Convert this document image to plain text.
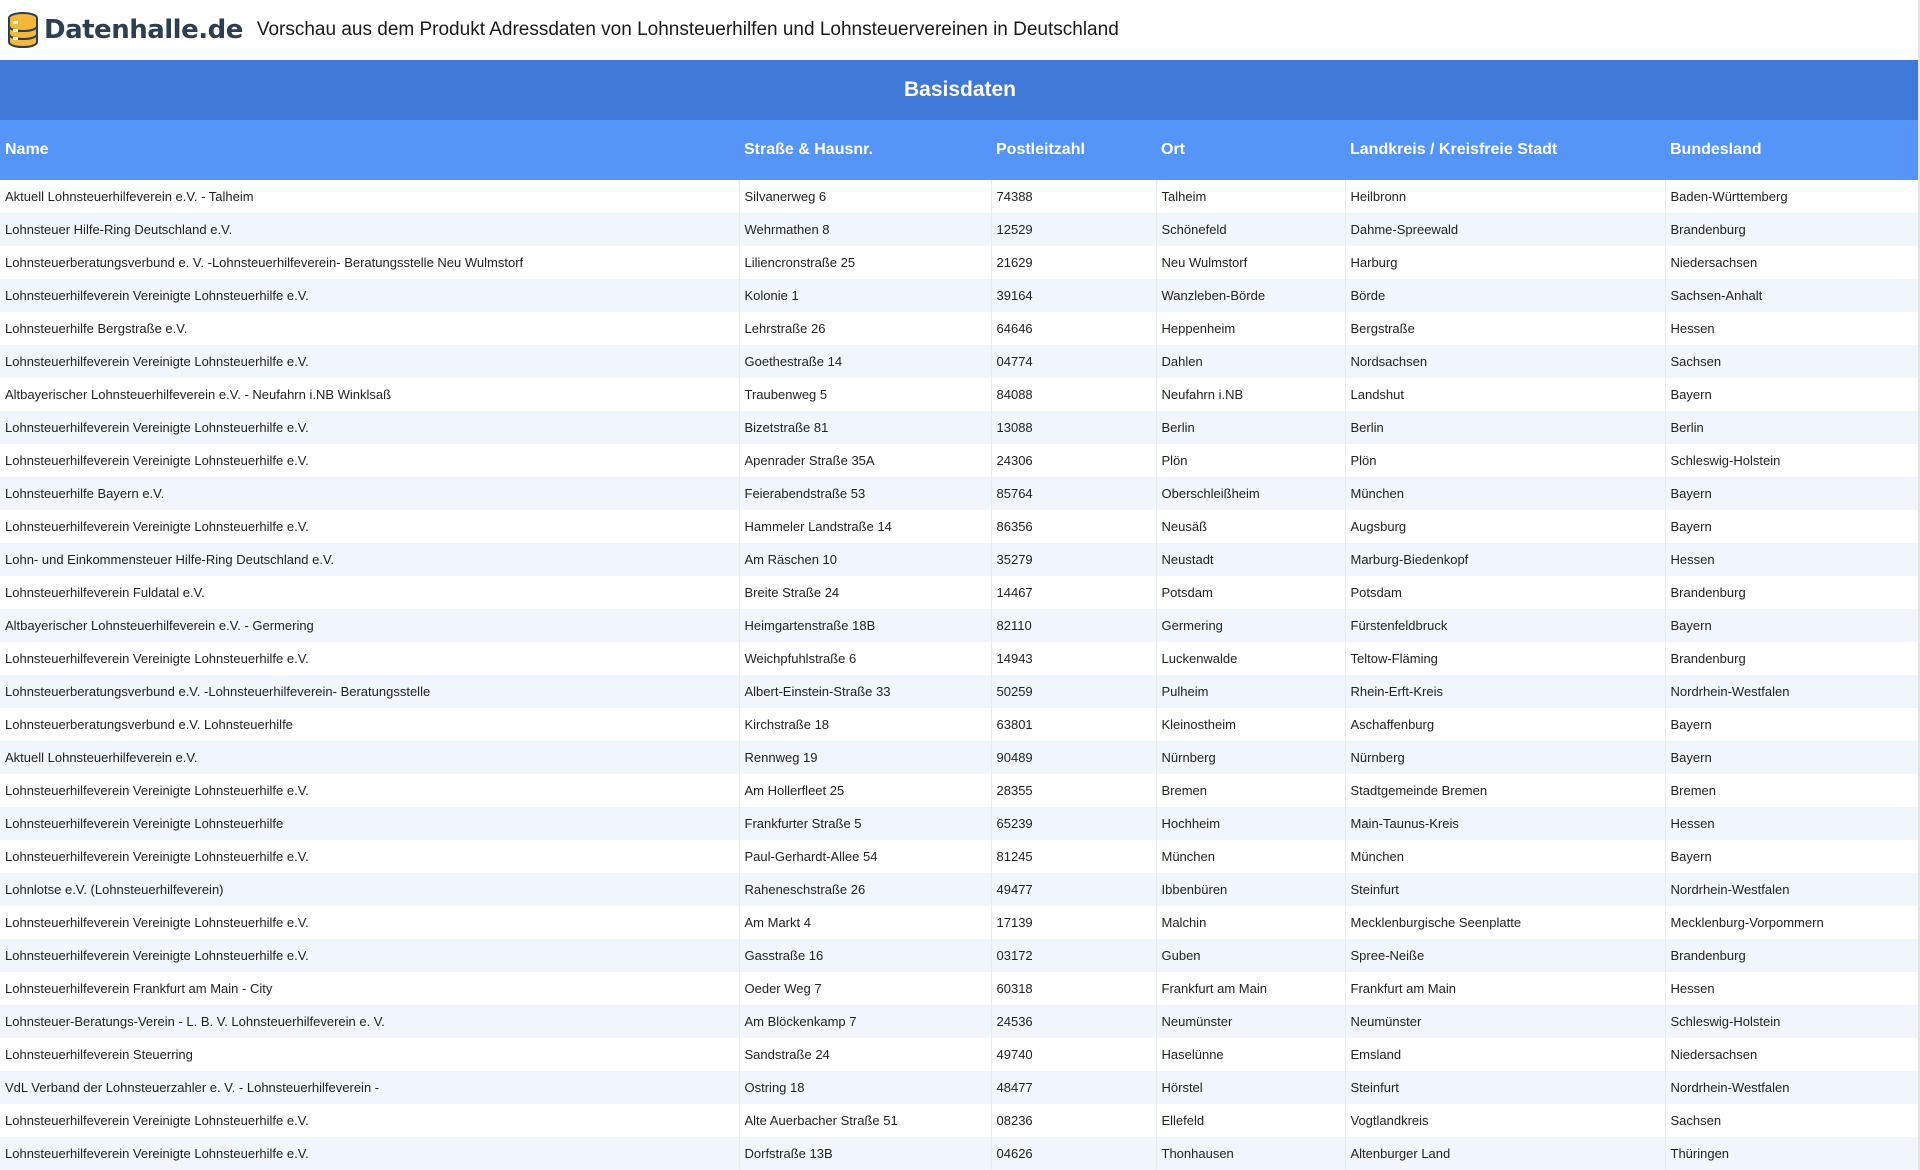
Datenhalle.de Vorschau aus dem Produkt Adressdaten von Lohnsteuerhilfen und Lohnsteuervereinen in Deutschland
Basisdaten
Name	Straße & Hausnr.	Postleitzahl	Ort	Landkreis / Kreisfreie Stadt	Bundesland
Aktuell Lohnsteuerhilfeverein e.V. - Talheim	Silvanerweg 6	74388	Talheim	Heilbronn	Baden-Württemberg
Lohnsteuer Hilfe-Ring Deutschland e.V.	Wehrmathen 8	12529	Schönefeld	Dahme-Spreewald	Brandenburg
Lohnsteuerberatungsverbund e. V. -Lohnsteuerhilfeverein- Beratungsstelle Neu Wulmstorf	Liliencronstraße 25	21629	Neu Wulmstorf	Harburg	Niedersachsen
Lohnsteuerhilfeverein Vereinigte Lohnsteuerhilfe e.V.	Kolonie 1	39164	Wanzleben-Börde	Börde	Sachsen-Anhalt
Lohnsteuerhilfe Bergstraße e.V.	Lehrstraße 26	64646	Heppenheim	Bergstraße	Hessen
Lohnsteuerhilfeverein Vereinigte Lohnsteuerhilfe e.V.	Goethestraße 14	04774	Dahlen	Nordsachsen	Sachsen
Altbayerischer Lohnsteuerhilfeverein e.V. - Neufahrn i.NB Winklsaß	Traubenweg 5	84088	Neufahrn i.NB	Landshut	Bayern
Lohnsteuerhilfeverein Vereinigte Lohnsteuerhilfe e.V.	Bizetstraße 81	13088	Berlin	Berlin	Berlin
Lohnsteuerhilfeverein Vereinigte Lohnsteuerhilfe e.V.	Apenrader Straße 35A	24306	Plön	Plön	Schleswig-Holstein
Lohnsteuerhilfe Bayern e.V.	Feierabendstraße 53	85764	Oberschleißheim	München	Bayern
Lohnsteuerhilfeverein Vereinigte Lohnsteuerhilfe e.V.	Hammeler Landstraße 14	86356	Neusäß	Augsburg	Bayern
Lohn- und Einkommensteuer Hilfe-Ring Deutschland e.V.	Am Räschen 10	35279	Neustadt	Marburg-Biedenkopf	Hessen
Lohnsteuerhilfeverein Fuldatal e.V.	Breite Straße 24	14467	Potsdam	Potsdam	Brandenburg
Altbayerischer Lohnsteuerhilfeverein e.V. - Germering	Heimgartenstraße 18B	82110	Germering	Fürstenfeldbruck	Bayern
Lohnsteuerhilfeverein Vereinigte Lohnsteuerhilfe e.V.	Weichpfuhlstraße 6	14943	Luckenwalde	Teltow-Fläming	Brandenburg
Lohnsteuerberatungsverbund e.V. -Lohnsteuerhilfeverein- Beratungsstelle	Albert-Einstein-Straße 33	50259	Pulheim	Rhein-Erft-Kreis	Nordrhein-Westfalen
Lohnsteuerberatungsverbund e.V. Lohnsteuerhilfe	Kirchstraße 18	63801	Kleinostheim	Aschaffenburg	Bayern
Aktuell Lohnsteuerhilfeverein e.V.	Rennweg 19	90489	Nürnberg	Nürnberg	Bayern
Lohnsteuerhilfeverein Vereinigte Lohnsteuerhilfe e.V.	Am Hollerfleet 25	28355	Bremen	Stadtgemeinde Bremen	Bremen
Lohnsteuerhilfeverein Vereinigte Lohnsteuerhilfe	Frankfurter Straße 5	65239	Hochheim	Main-Taunus-Kreis	Hessen
Lohnsteuerhilfeverein Vereinigte Lohnsteuerhilfe e.V.	Paul-Gerhardt-Allee 54	81245	München	München	Bayern
Lohnlotse e.V. (Lohnsteuerhilfeverein)	Raheneschstraße 26	49477	Ibbenbüren	Steinfurt	Nordrhein-Westfalen
Lohnsteuerhilfeverein Vereinigte Lohnsteuerhilfe e.V.	Am Markt 4	17139	Malchin	Mecklenburgische Seenplatte	Mecklenburg-Vorpommern
Lohnsteuerhilfeverein Vereinigte Lohnsteuerhilfe e.V.	Gasstraße 16	03172	Guben	Spree-Neiße	Brandenburg
Lohnsteuerhilfeverein Frankfurt am Main - City	Oeder Weg 7	60318	Frankfurt am Main	Frankfurt am Main	Hessen
Lohnsteuer-Beratungs-Verein - L. B. V. Lohnsteuerhilfeverein e. V.	Am Blöckenkamp 7	24536	Neumünster	Neumünster	Schleswig-Holstein
Lohnsteuerhilfeverein Steuerring	Sandstraße 24	49740	Haselünne	Emsland	Niedersachsen
VdL Verband der Lohnsteuerzahler e. V. - Lohnsteuerhilfeverein -	Ostring 18	48477	Hörstel	Steinfurt	Nordrhein-Westfalen
Lohnsteuerhilfeverein Vereinigte Lohnsteuerhilfe e.V.	Alte Auerbacher Straße 51	08236	Ellefeld	Vogtlandkreis	Sachsen
Lohnsteuerhilfeverein Vereinigte Lohnsteuerhilfe e.V.	Dorfstraße 13B	04626	Thonhausen	Altenburger Land	Thüringen
